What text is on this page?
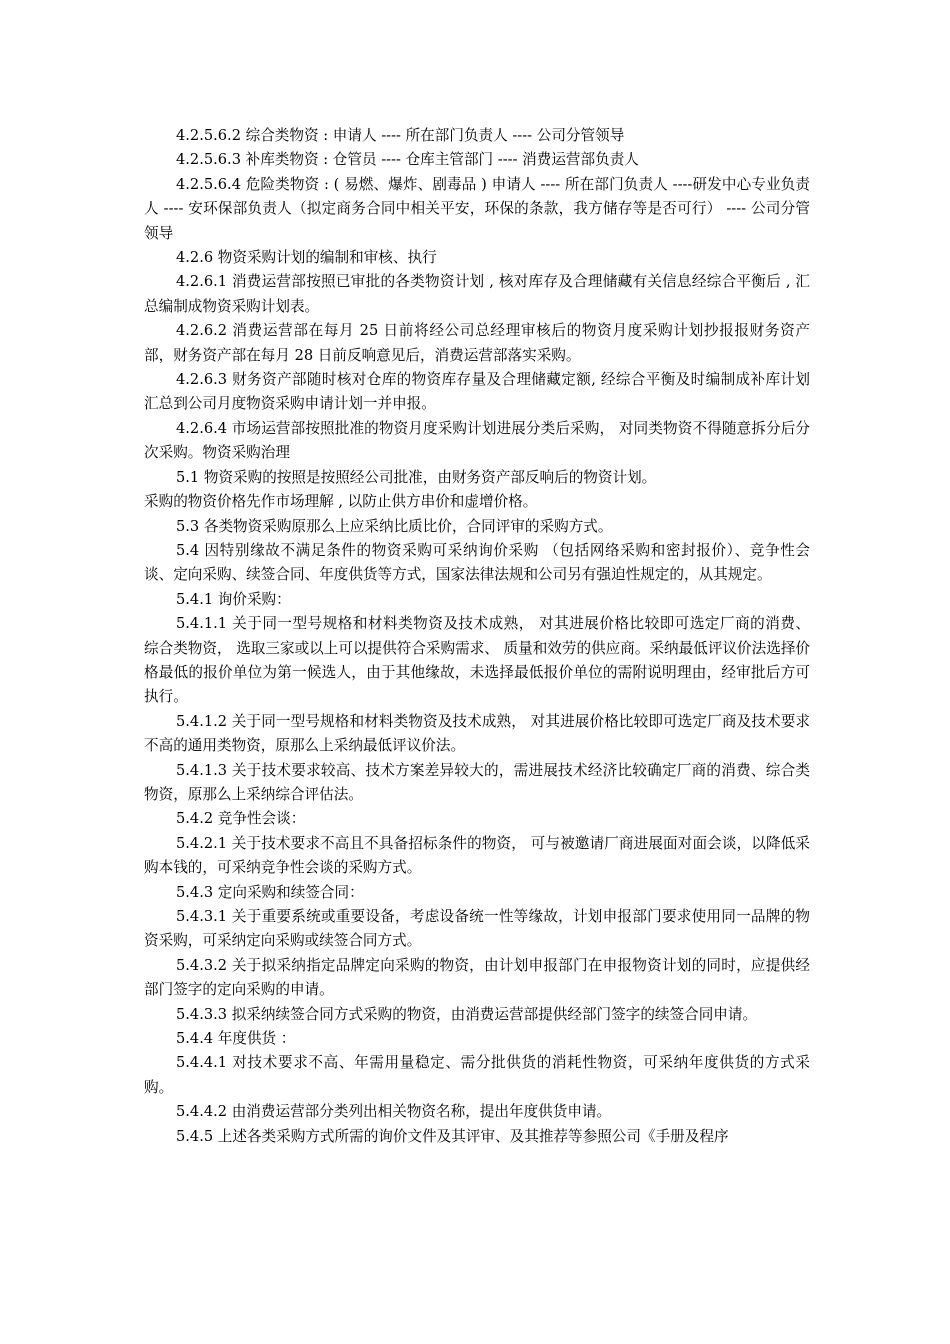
4.2.5.6.2 综合类物资 : 申请人 ---- 所在部门负责人 ---- 公司分管领导

4.2.5.6.3 补库类物资 : 仓管员 ---- 仓库主管部门 ---- 消费运营部负责人

4.2.5.6.4 危险类物资 : ( 易燃、爆炸、剧毒品 ) 申请人 ---- 所在部门负责人 ----研发中心专业负责人 ---- 安环保部负责人（拟定商务合同中相关平安，环保的条款，我方储存等是否可行） ---- 公司分管领导

4.2.6 物资采购计划的编制和审核、执行

4.2.6.1 消费运营部按照已审批的各类物资计划 , 核对库存及合理储藏有关信息经综合平衡后 , 汇总编制成物资采购计划表。

4.2.6.2 消费运营部在每月 25 日前将经公司总经理审核后的物资月度采购计划抄报报财务资产部，财务资产部在每月 28 日前反响意见后，消费运营部落实采购。

4.2.6.3 财务资产部随时核对仓库的物资库存量及合理储藏定额, 经综合平衡及时编制成补库计划汇总到公司月度物资采购申请计划一并申报。

4.2.6.4 市场运营部按照批准的物资月度采购计划进展分类后采购， 对同类物资不得随意拆分后分次采购。物资采购治理

5.1 物资采购的按照是按照经公司批准，由财务资产部反响后的物资计划。

采购的物资价格先作市场理解 , 以防止供方串价和虚增价格。

5.3 各类物资采购原那么上应采纳比质比价，合同评审的采购方式。

5.4 因特别缘故不满足条件的物资采购可采纳询价采购 （包括网络采购和密封报价）、竞争性会谈、定向采购、续签合同、年度供货等方式，国家法律法规和公司另有强迫性规定的，从其规定。

5.4.1 询价采购：

5.4.1.1 关于同一型号规格和材料类物资及技术成熟， 对其进展价格比较即可选定厂商的消费、 综合类物资， 选取三家或以上可以提供符合采购需求、 质量和效劳的供应商。采纳最低评议价法选择价格最低的报价单位为第一候选人，由于其他缘故，未选择最低报价单位的需附说明理由，经审批后方可执行。

5.4.1.2 关于同一型号规格和材料类物资及技术成熟， 对其进展价格比较即可选定厂商及技术要求不高的通用类物资，原那么上采纳最低评议价法。

5.4.1.3 关于技术要求较高、技术方案差异较大的，需进展技术经济比较确定厂商的消费、综合类物资，原那么上采纳综合评估法。

5.4.2 竞争性会谈：

5.4.2.1 关于技术要求不高且不具备招标条件的物资， 可与被邀请厂商进展面对面会谈，以降低采购本钱的，可采纳竞争性会谈的采购方式。

5.4.3 定向采购和续签合同：

5.4.3.1 关于重要系统或重要设备，考虑设备统一性等缘故，计划申报部门要求使用同一品牌的物资采购，可采纳定向采购或续签合同方式。

5.4.3.2 关于拟采纳指定品牌定向采购的物资，由计划申报部门在申报物资计划的同时，应提供经部门签字的定向采购的申请。

5.4.3.3 拟采纳续签合同方式采购的物资，由消费运营部提供经部门签字的续签合同申请。

5.4.4 年度供货 ：

5.4.4.1 对技术要求不高、年需用量稳定、需分批供货的消耗性物资，可采纳年度供货的方式采购。

5.4.4.2 由消费运营部分类列出相关物资名称，提出年度供货申请。

5.4.5 上述各类采购方式所需的询价文件及其评审、及其推荐等参照公司《手册及程序
